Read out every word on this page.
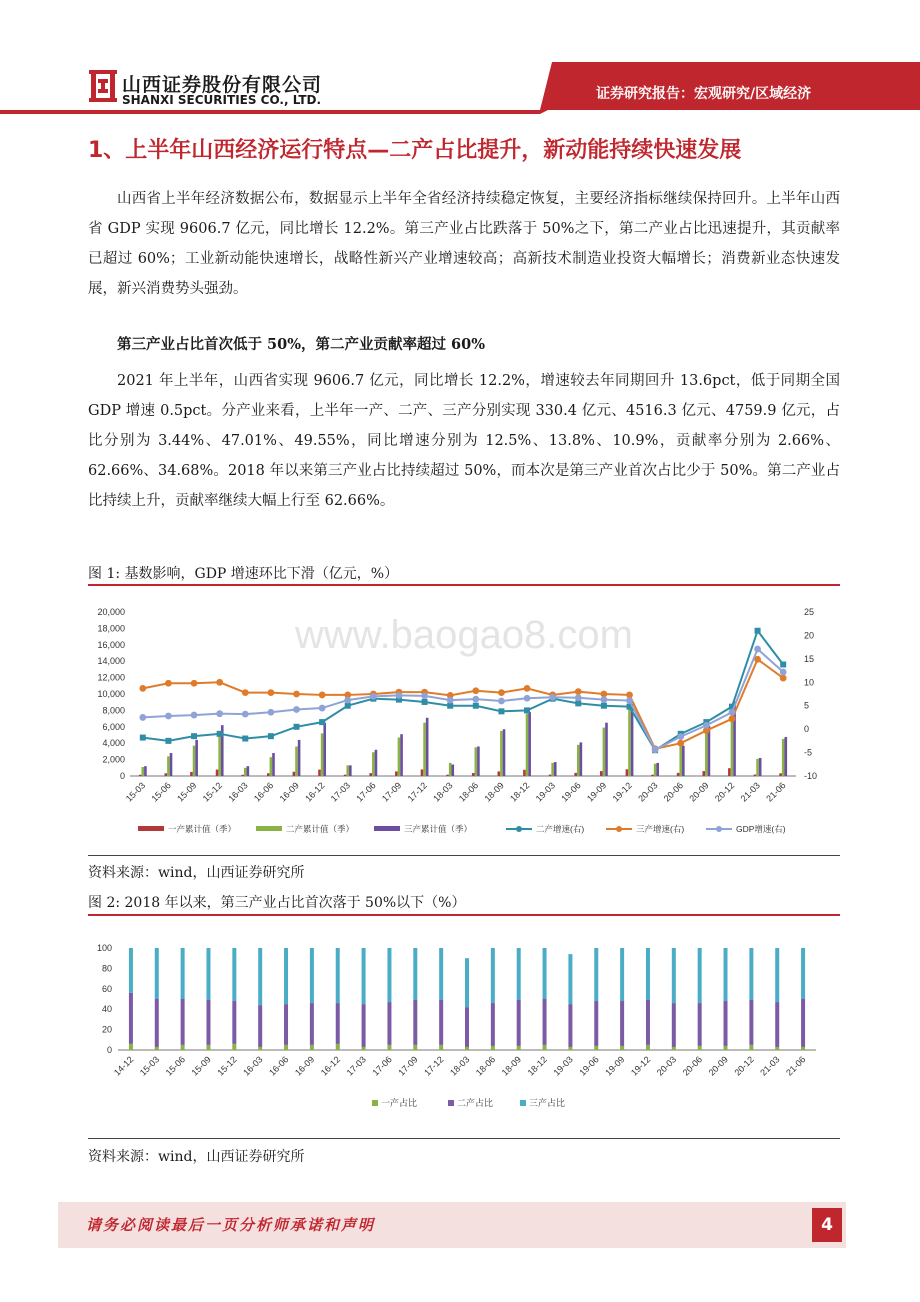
山西证券股份有限公司
SHANXI SECURITIES CO., LTD.	证券研究报告：宏观研究/区域经济
1、上半年山西经济运行特点—二产占比提升，新动能持续快速发展

山西省上半年经济数据公布，数据显示上半年全省经济持续稳定恢复，主要经济指标继续保持回升。上半年山西省 GDP 实现 9606.7 亿元，同比增长 12.2%。第三产业占比跌落于 50%之下，第二产业占比迅速提升，其贡献率已超过 60%；工业新动能快速增长，战略性新兴产业增速较高；高新技术制造业投资大幅增长；消费新业态快速发展，新兴消费势头强劲。

第三产业占比首次低于 50%，第二产业贡献率超过 60%

2021 年上半年，山西省实现 9606.7 亿元，同比增长 12.2%，增速较去年同期回升 13.6pct，低于同期全国 GDP 增速 0.5pct。分产业来看，上半年一产、二产、三产分别实现 330.4 亿元、4516.3 亿元、4759.9 亿元，占比分别为 3.44%、47.01%、49.55%，同比增速分别为 12.5%、13.8%、10.9%，贡献率分别为 2.66%、62.66%、34.68%。2018 年以来第三产业占比持续超过 50%，而本次是第三产业首次占比少于 50%。第二产业占比持续上升，贡献率继续大幅上行至 62.66%。

图 1: 基数影响，GDP 增速环比下滑（亿元，%）
www.baogao8.com
0
2,000
4,000
6,000
8,000
10,000
12,000
14,000
16,000
18,000
20,000
-10
-5
0
5
10
15
20
25
15-03 15-06 15-09 15-12 16-03 16-06 16-09 16-12 17-03 17-06 17-09 17-12 18-03 18-06 18-09 18-12 19-03 19-06 19-09 19-12 20-03 20-06 20-09 20-12 21-03 21-06
一产累计值（季）	二产累计值（季）	三产累计值（季）	二产增速(右)	三产增速(右)	GDP增速(右)
资料来源：wind，山西证券研究所
图 2: 2018 年以来，第三产业占比首次落于 50%以下（%）
0
20
40
60
80
100
14-12 15-03 15-06 15-09 15-12 16-03 16-06 16-09 16-12 17-03 17-06 17-09 17-12 18-03 18-06 18-09 18-12 19-03 19-06 19-09 19-12 20-03 20-06 20-09 20-12 21-03 21-06
一产占比	二产占比	三产占比
资料来源：wind，山西证券研究所
请务必阅读最后一页分析师承诺和声明	4
